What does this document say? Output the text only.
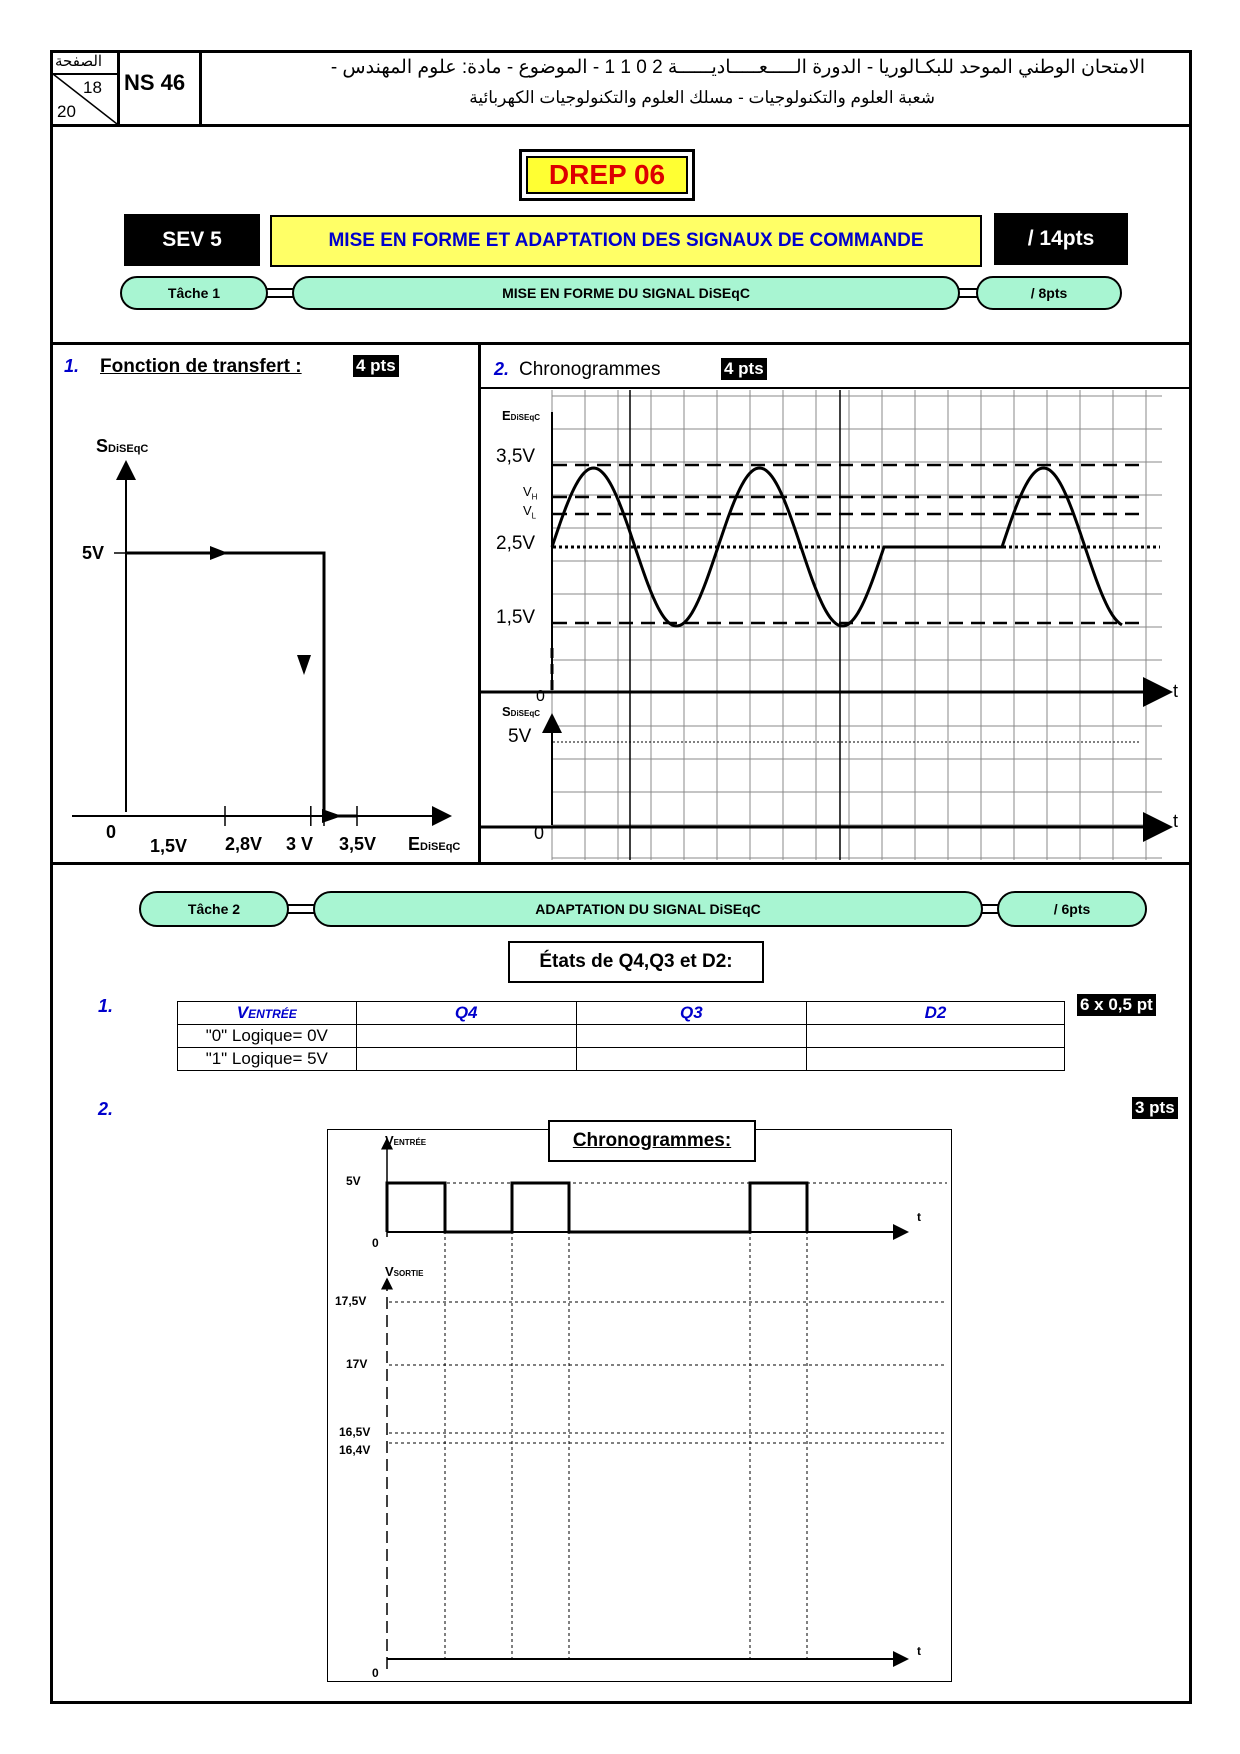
الصفحة
18
20
NS 46
الامتحان الوطني الموحد للبكـالوريا - الدورة الـــــعـــــاديــــــة 2 0 1 1 - الموضوع - مادة: علوم المهندس -
شعبة العلوم والتكنولوجيات - مسلك العلوم والتكنولوجيات الكهربائية
DREP 06
SEV 5	MISE EN FORME ET ADAPTATION DES SIGNAUX DE COMMANDE	/ 14pts
Tâche 1	MISE EN FORME DU SIGNAL DiSEqC	/ 8pts
1. Fonction de transfert :	4 pts
SDiSEqC
5V
0
1,5V 2,8V 3 V 3,5V EDiSEqC
2. Chronogrammes	4 pts
EDiSEqC
3,5V
$V_H$
$V_L$
2,5V
1,5V
t
0
SDiSEqC
5V
t
0
Tâche 2	ADAPTATION DU SIGNAL DiSEqC	/ 6pts
États de Q4,Q3 et D2:
1.	6 x 0,5 pt
VENTRÉE	Q4	Q3	D2
"0" Logique= 0V			
"1" Logique= 5V			
2.	3 pts
Chronogrammes:
VENTRÉE
5V
0
t
VSORTIE
17,5V
17V
16,5V
16,4V
t
0
